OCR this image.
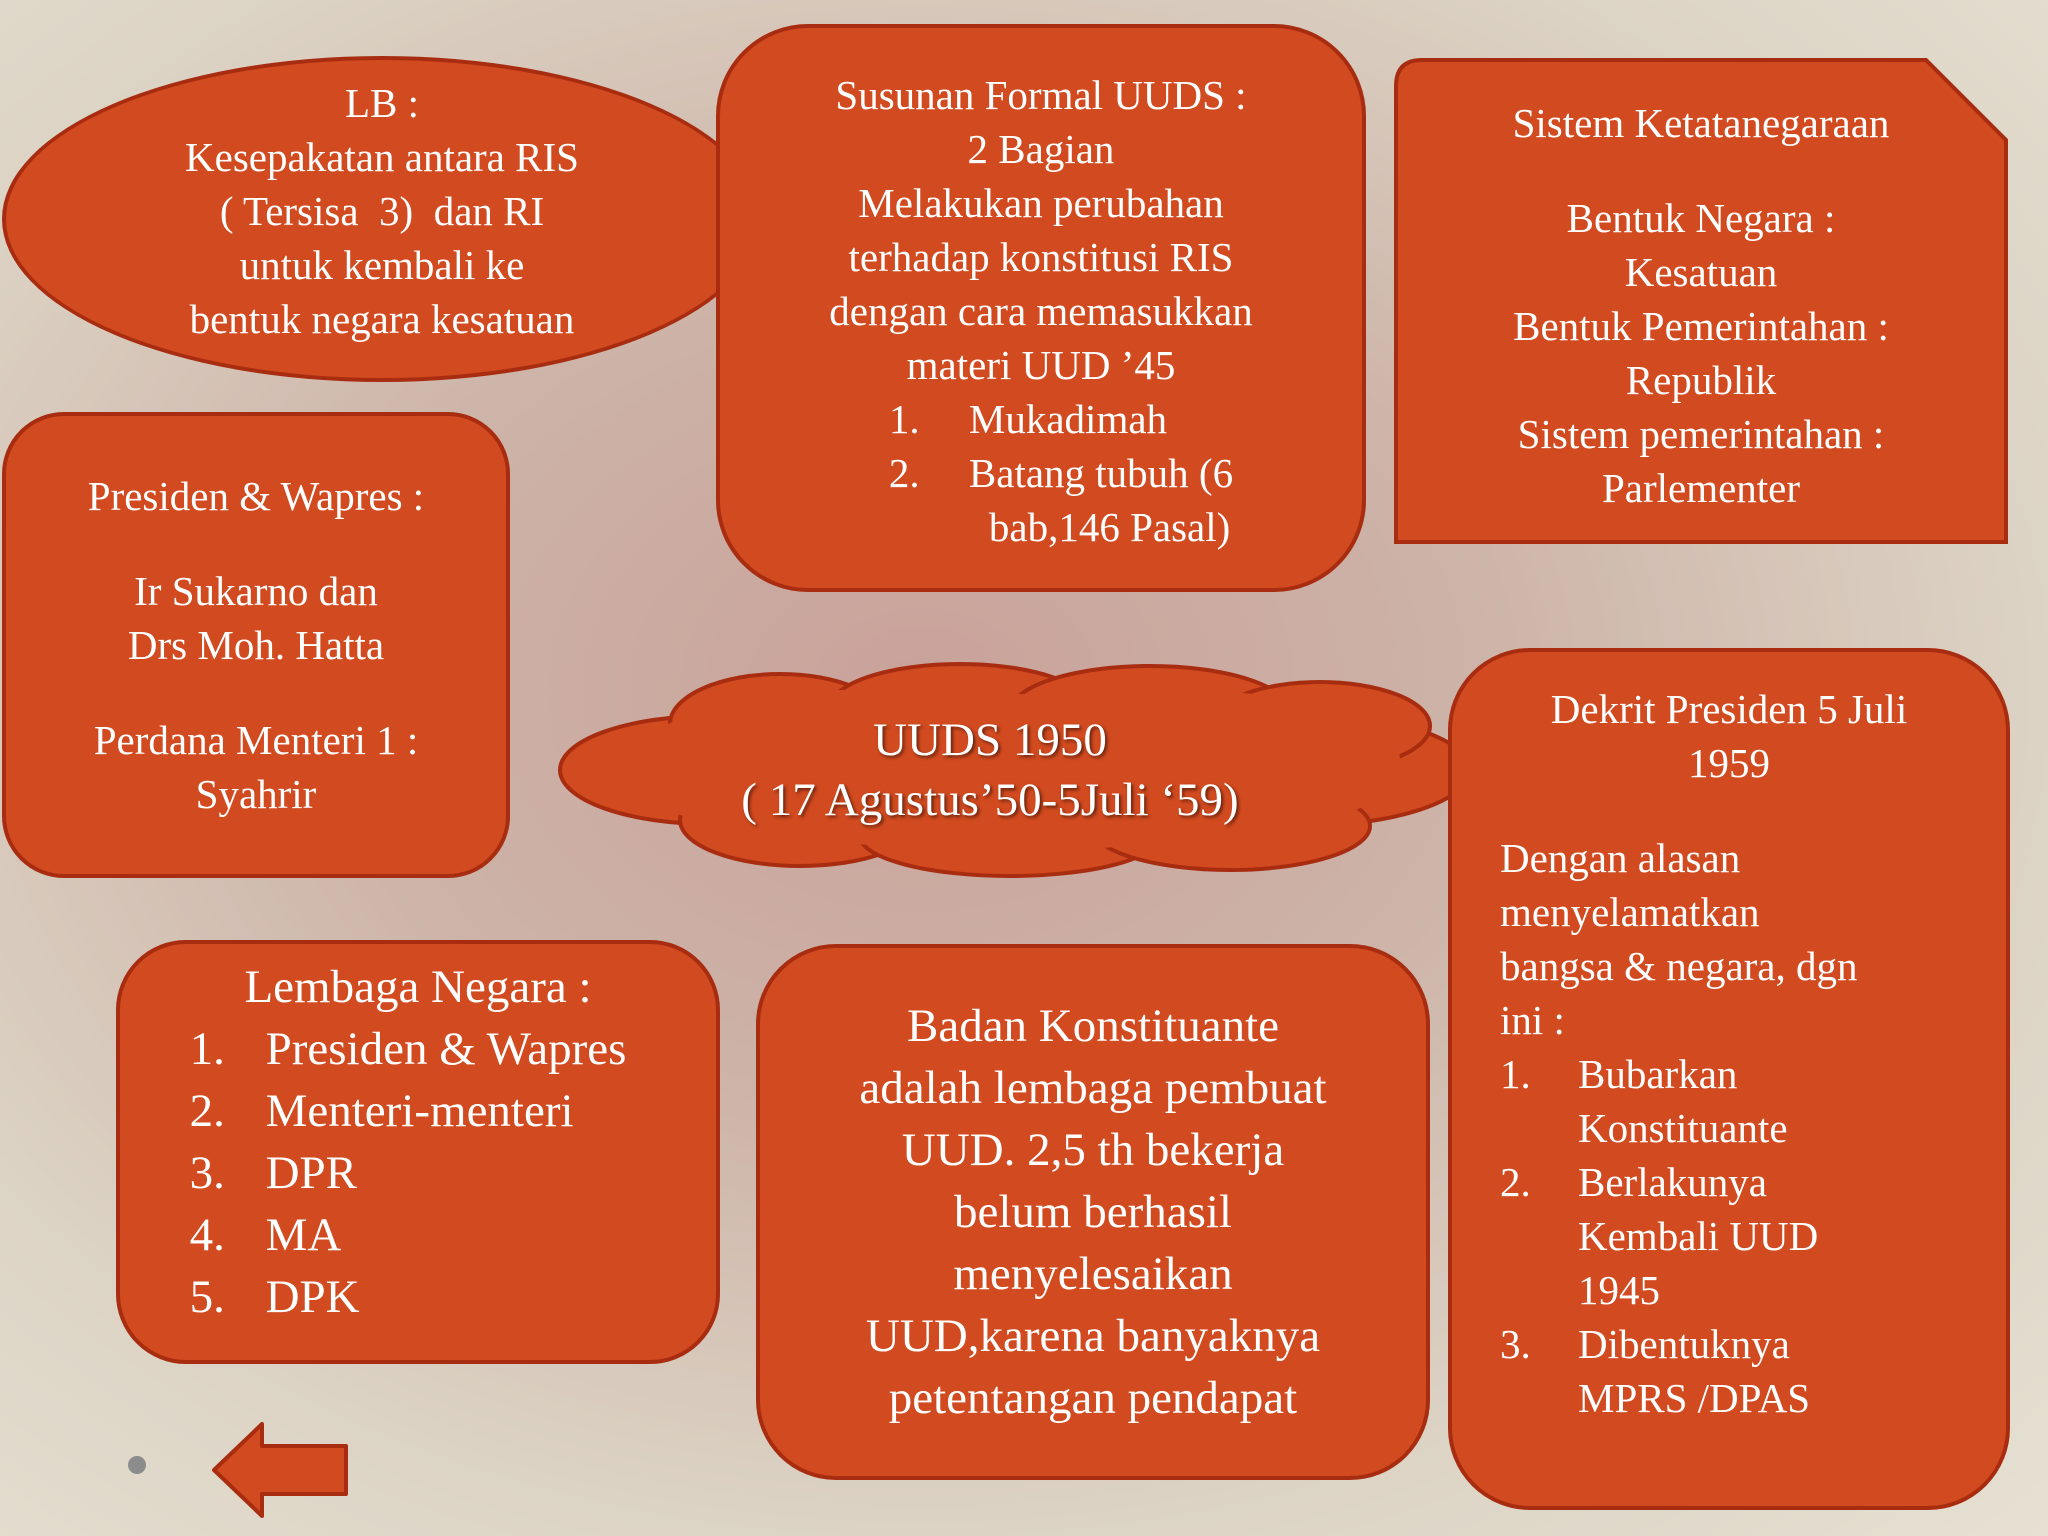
LB :

Kesepakatan antara RIS

( Tersisa  3)  dan RI

untuk kembali ke

bentuk negara kesatuan

Susunan Formal UUDS :

2 Bagian

Melakukan perubahan

terhadap konstitusi RIS

dengan cara memasukkan

materi UUD ’45

1.	Mukadimah
2.	Batang tubuh (6
bab,146 Pasal)

Sistem Ketatanegaraan

Bentuk Negara :

Kesatuan

Bentuk Pemerintahan :

Republik

Sistem pemerintahan :

Parlementer

Presiden & Wapres :

Ir Sukarno dan

Drs Moh. Hatta

Perdana Menteri 1 :

Syahrir

UUDS 1950

( 17 Agustus’50-5Juli ‘59)

Dekrit Presiden 5 Juli

1959

Dengan alasan

menyelamatkan

bangsa & negara, dgn

ini :

1.	Bubarkan
Konstituante
2.	Berlakunya
Kembali UUD
1945
3.	Dibentuknya
MPRS /DPAS

Lembaga Negara :

1. Presiden & Wapres
2. Menteri-menteri
3. DPR
4. MA
5. DPK

Badan Konstituante

adalah lembaga pembuat

UUD. 2,5 th bekerja

belum berhasil

menyelesaikan

UUD,karena banyaknya

petentangan pendapat
